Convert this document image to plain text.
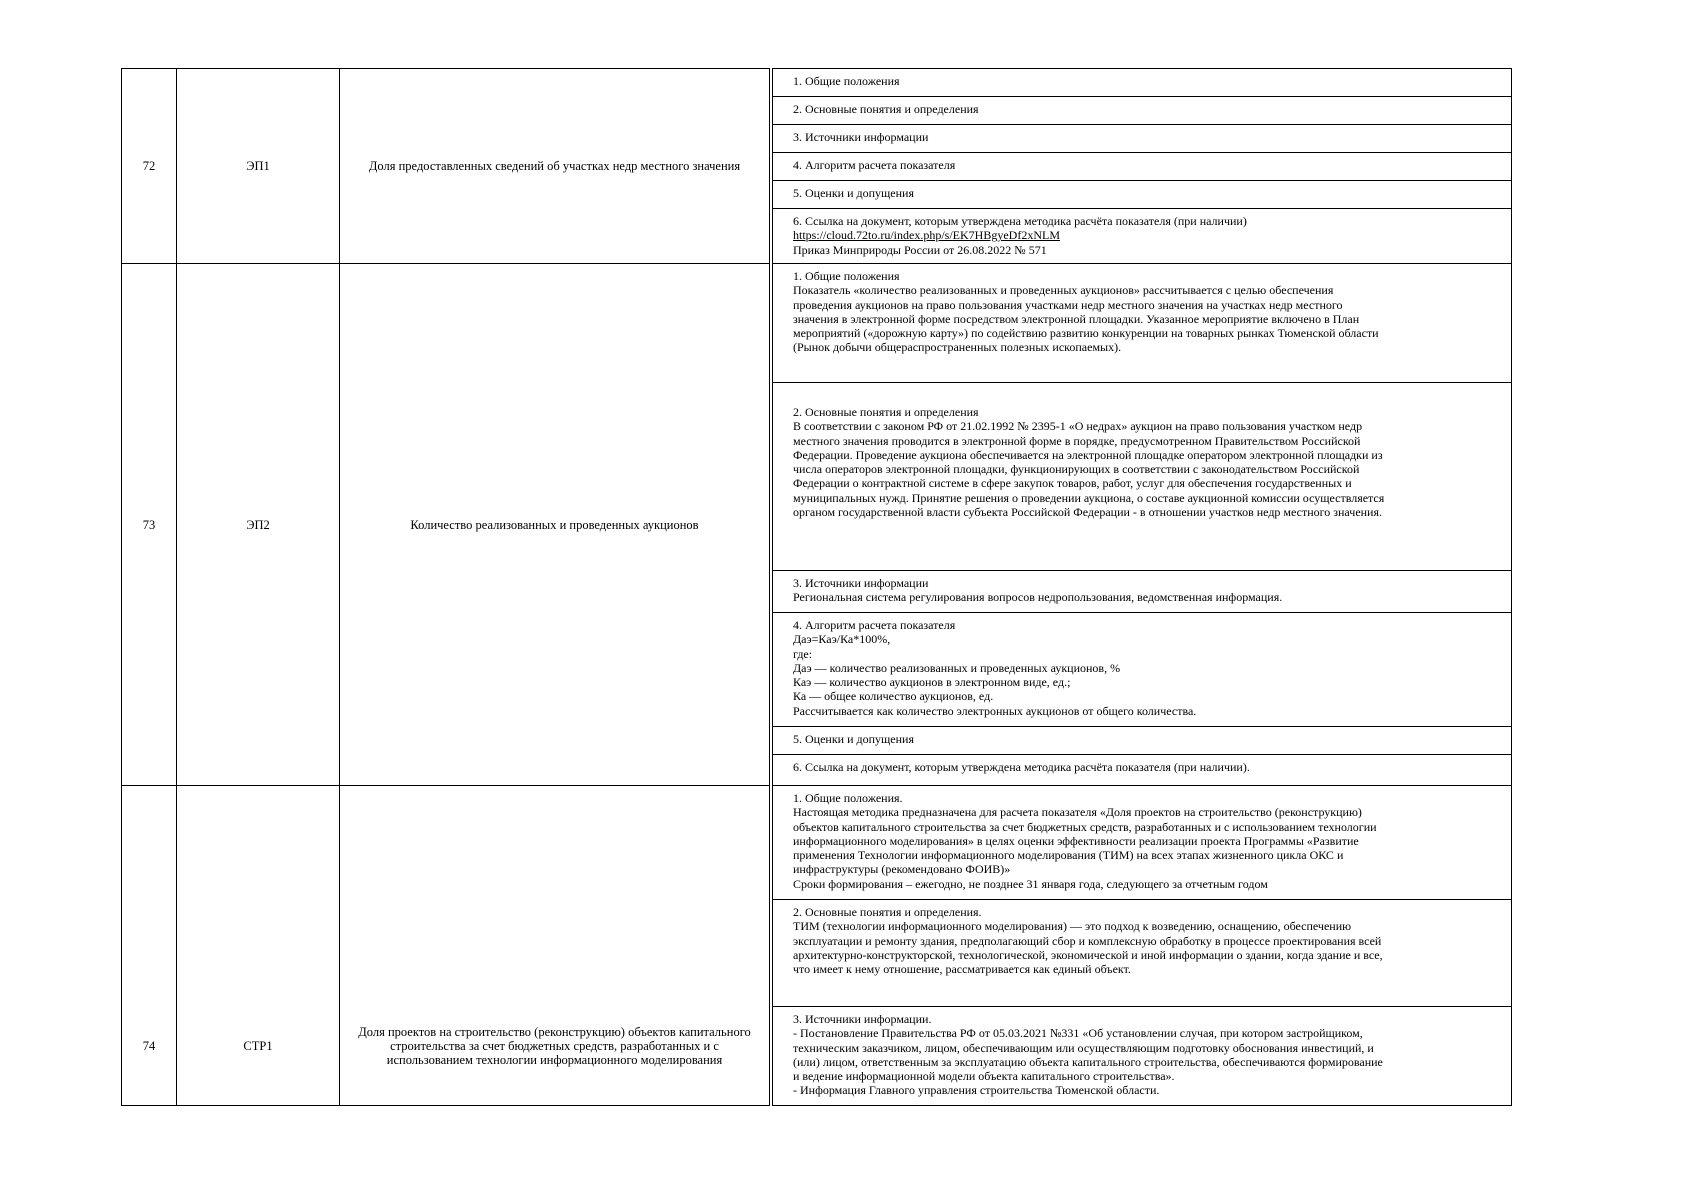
72	ЭП1	Доля предоставленных сведений об участках недр местного значения		
1. Общие положения

2. Основные понятия и определения

3. Источники информации

4. Алгоритм расчета показателя

5. Оценки и допущения

6. Ссылка на документ, которым утверждена методика расчёта показателя (при наличии)
https://cloud.72to.ru/index.php/s/EK7HBgyeDf2xNLM
Приказ Минприроды России от 26.08.2022 № 571

73	ЭП2	Количество реализованных и проведенных аукционов		
1. Общие положения
Показатель «количество реализованных и проведенных аукционов» рассчитывается с целью обеспечения
проведения аукционов на право пользования участками недр местного значения на участках недр местного
значения в электронной форме посредством электронной площадки. Указанное мероприятие включено в План
мероприятий («дорожную карту») по содействию развитию конкуренции на товарных рынках Тюменской области
(Рынок добычи общераспространенных полезных ископаемых).

2. Основные понятия и определения
В соответствии с законом РФ от 21.02.1992 № 2395-1 «О недрах» аукцион на право пользования участком недр
местного значения проводится в электронной форме в порядке, предусмотренном Правительством Российской
Федерации. Проведение аукциона обеспечивается на электронной площадке оператором электронной площадки из
числа операторов электронной площадки, функционирующих в соответствии с законодательством Российской
Федерации о контрактной системе в сфере закупок товаров, работ, услуг для обеспечения государственных и
муниципальных нужд. Принятие решения о проведении аукциона, о составе аукционной комиссии осуществляется
органом государственной власти субъекта Российской Федерации - в отношении участков недр местного значения.

3. Источники информации
Региональная система регулирования вопросов недропользования, ведомственная информация.

4. Алгоритм расчета показателя
Даэ=Каэ/Ка*100%,
где:
Даэ — количество реализованных и проведенных аукционов, %
Каэ — количество аукционов в электронном виде, ед.;
Ка — общее количество аукционов, ед.
Рассчитывается как количество электронных аукционов от общего количества.

5. Оценки и допущения

6. Ссылка на документ, которым утверждена методика расчёта показателя (при наличии).

74	СТР1	Доля проектов на строительство (реконструкцию) объектов капитального строительства за счет бюджетных средств, разработанных и с использованием технологии информационного моделирования		
1. Общие положения.
Настоящая методика предназначена для расчета показателя «Доля проектов на строительство (реконструкцию)
объектов капитального строительства за счет бюджетных средств, разработанных и с использованием технологии
информационного моделирования» в целях оценки эффективности реализации проекта Программы «Развитие
применения Технологии информационного моделирования (ТИМ) на всех этапах жизненного цикла ОКС и
инфраструктуры (рекомендовано ФОИВ)»
Сроки формирования – ежегодно, не позднее 31 января года, следующего за отчетным годом

2. Основные понятия и определения.
ТИМ (технологии информационного моделирования) — это подход к возведению, оснащению, обеспечению
эксплуатации и ремонту здания, предполагающий сбор и комплексную обработку в процессе проектирования всей
архитектурно-конструкторской, технологической, экономической и иной информации о здании, когда здание и все,
что имеет к нему отношение, рассматривается как единый объект.

3. Источники информации.
- Постановление Правительства РФ от 05.03.2021 №331 «Об установлении случая, при котором застройщиком,
техническим заказчиком, лицом, обеспечивающим или осуществляющим подготовку обоснования инвестиций, и
(или) лицом, ответственным за эксплуатацию объекта капитального строительства, обеспечиваются формирование
и ведение информационной модели объекта капитального строительства».
- Информация Главного управления строительства Тюменской области.
